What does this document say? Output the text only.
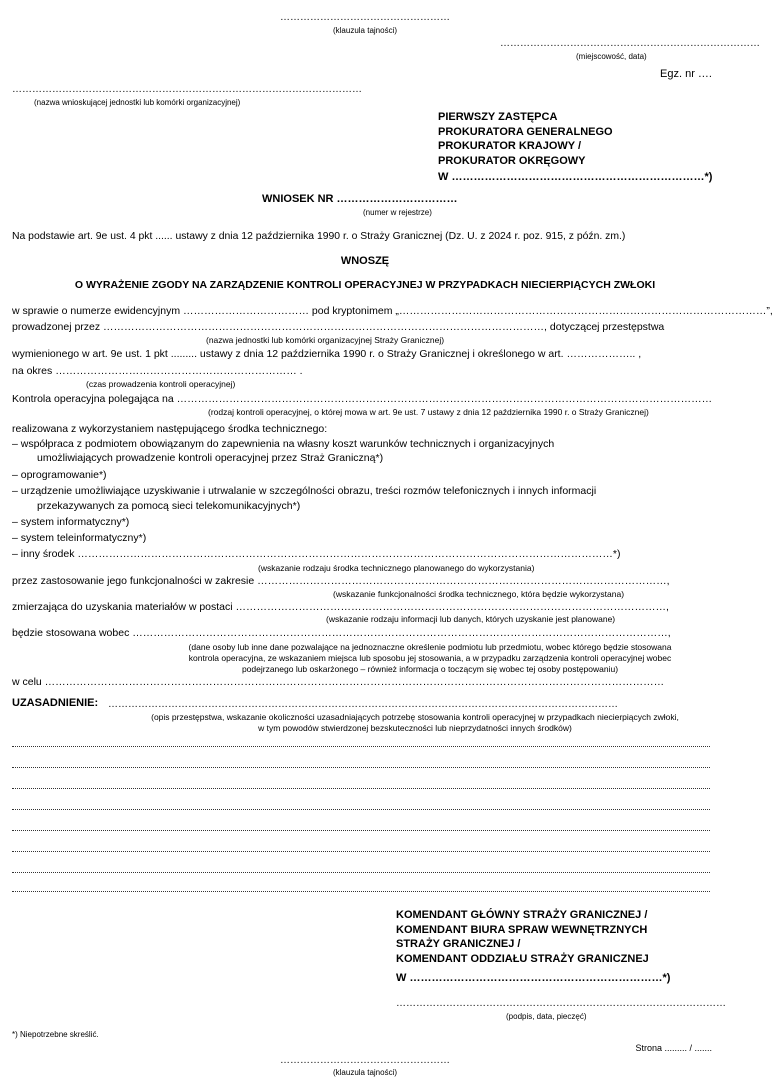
……………………………………………
(klauzula tajności)
……………………………………………………………………
(miejscowość, data)
Egz. nr ….
……………………………………………………………………………………………
(nazwa wnioskującej jednostki lub komórki organizacyjnej)
PIERWSZY ZASTĘPCA
PROKURATORA GENERALNEGO
PROKURATOR KRAJOWY /
PROKURATOR OKRĘGOWY
W ……………………………………………………………*)
WNIOSEK NR ……………………………
(numer w rejestrze)
Na podstawie art. 9e ust. 4 pkt ...... ustawy z dnia 12 października 1990 r. o Straży Granicznej (Dz. U. z 2024 r. poz. 915, z późn. zm.)
WNOSZĘ
O WYRAŻENIE ZGODY NA ZARZĄDZENIE KONTROLI OPERACYJNEJ W PRZYPADKACH NIECIERPIĄCYCH ZWŁOKI
w sprawie o numerze ewidencyjnym ……………………………… pod kryptonimem „……………………………………………………………………………………………”,
prowadzonej przez ………………………………………………………………………………………………………………, dotyczącej przestępstwa
(nazwa jednostki lub komórki organizacyjnej Straży Granicznej)
wymienionego w art. 9e ust. 1 pkt ......... ustawy z dnia 12 października 1990 r. o Straży Granicznej i określonego w art. ……………….. ,
na okres …………………………………………………………… .
(czas prowadzenia kontroli operacyjnej)
Kontrola operacyjna polegająca na ………………………………………………………………………………………………………………………………………
(rodzaj kontroli operacyjnej, o której mowa w art. 9e ust. 7 ustawy z dnia 12 października 1990 r. o Straży Granicznej)
realizowana z wykorzystaniem następującego środka technicznego:
– współpraca z podmiotem obowiązanym do zapewnienia na własny koszt warunków technicznych i organizacyjnych
umożliwiających prowadzenie kontroli operacyjnej przez Straż Graniczną*)
– oprogramowanie*)
– urządzenie umożliwiające uzyskiwanie i utrwalanie w szczególności obrazu, treści rozmów telefonicznych i innych informacji
przekazywanych za pomocą sieci telekomunikacyjnych*)
– system informatyczny*)
– system teleinformatyczny*)
– inny środek ………………………………………………………………………………………………………………………………………*)
(wskazanie rodzaju środka technicznego planowanego do wykorzystania)
przez zastosowanie jego funkcjonalności w zakresie ………………………………………………………………………………………………………,
(wskazanie funkcjonalności środka technicznego, która będzie wykorzystana)
zmierzająca do uzyskania materiałów w postaci ……………………………………………………………………………………………………………,
(wskazanie rodzaju informacji lub danych, których uzyskanie jest planowane)
będzie stosowana wobec ………………………………………………………………………………………………………………………………………,
(dane osoby lub inne dane pozwalające na jednoznaczne określenie podmiotu lub przedmiotu, wobec którego będzie stosowana
kontrola operacyjna, ze wskazaniem miejsca lub sposobu jej stosowania, a w przypadku zarządzenia kontroli operacyjnej wobec
podejrzanego lub oskarżonego – również informacja o toczącym się wobec tej osoby postępowaniu)
w celu ……………………………………………………………………………………………………………………………………………………………
UZASADNIENIE: ………………………………………………………………………………………………………………………………………
(opis przestępstwa, wskazanie okoliczności uzasadniających potrzebę stosowania kontroli operacyjnej w przypadkach niecierpiących zwłoki,
w tym powodów stwierdzonej bezskuteczności lub nieprzydatności innych środków)
KOMENDANT GŁÓWNY STRAŻY GRANICZNEJ /
KOMENDANT BIURA SPRAW WEWNĘTRZNYCH
STRAŻY GRANICZNEJ /
KOMENDANT ODDZIAŁU STRAŻY GRANICZNEJ
W ……………………………………………………………*)
………………………………………………………………………………………
(podpis, data, pieczęć)
*) Niepotrzebne skreślić.
Strona ......... / .......
……………………………………………
(klauzula tajności)
